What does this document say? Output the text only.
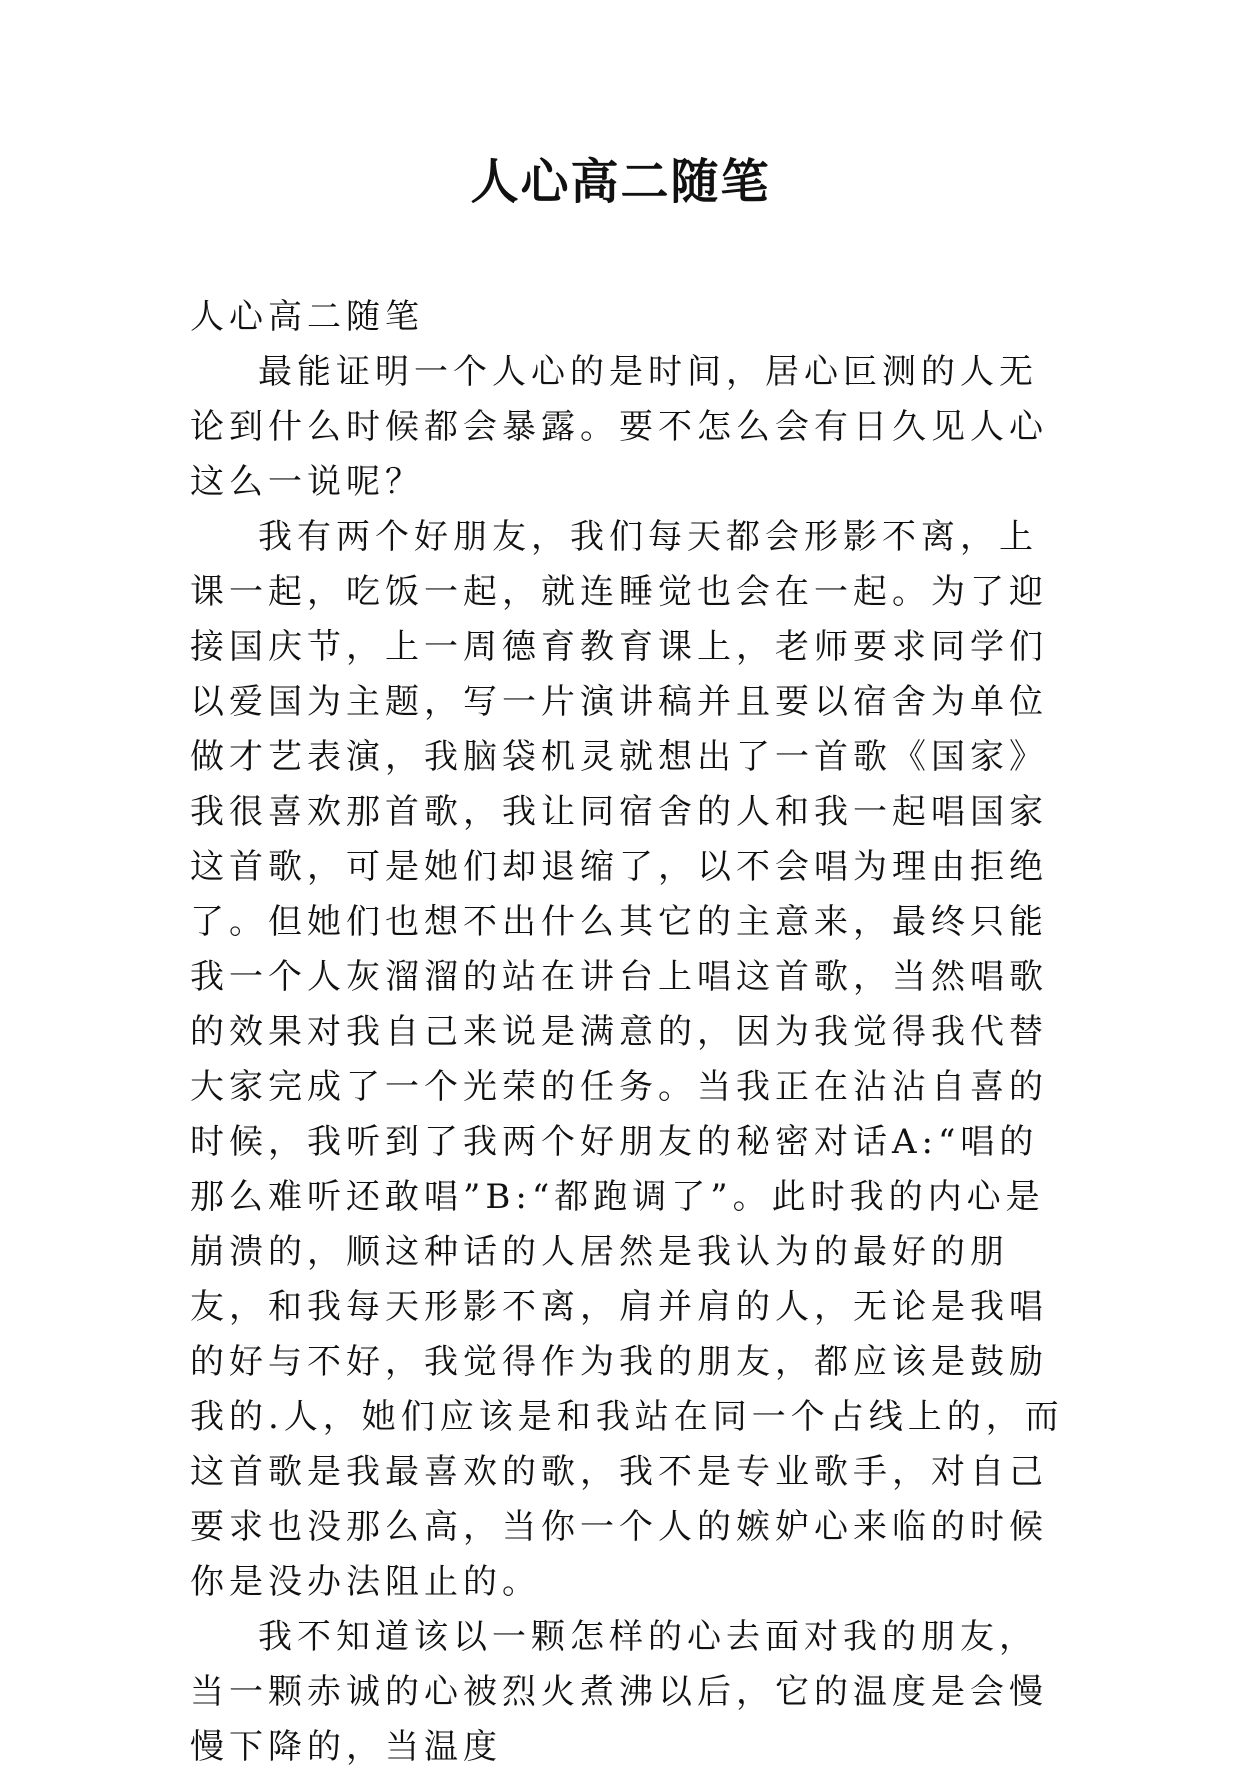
人心高二随笔

人心高二随笔

最能证明一个人心的是时间，居心叵测的人无论到什么时候都会暴露。要不怎么会有日久见人心这么一说呢？

我有两个好朋友，我们每天都会形影不离，上课一起，吃饭一起，就连睡觉也会在一起。为了迎接国庆节，上一周德育教育课上，老师要求同学们以爱国为主题，写一片演讲稿并且要以宿舍为单位做才艺表演，我脑袋机灵就想出了一首歌《国家》我很喜欢那首歌，我让同宿舍的人和我一起唱国家这首歌，可是她们却退缩了，以不会唱为理由拒绝了。但她们也想不出什么其它的主意来，最终只能我一个人灰溜溜的站在讲台上唱这首歌，当然唱歌的效果对我自己来说是满意的，因为我觉得我代替大家完成了一个光荣的任务。当我正在沾沾自喜的时候，我听到了我两个好朋友的秘密对话A:“唱的那么难听还敢唱”B:“都跑调了”。此时我的内心是崩溃的，顺这种话的人居然是我认为的最好的朋友，和我每天形影不离，肩并肩的人，无论是我唱的好与不好，我觉得作为我的朋友，都应该是鼓励我的.人，她们应该是和我站在同一个占线上的，而这首歌是我最喜欢的歌，我不是专业歌手，对自己要求也没那么高，当你一个人的嫉妒心来临的时候你是没办法阻止的。

我不知道该以一颗怎样的心去面对我的朋友，当一颗赤诚的心被烈火煮沸以后，它的温度是会慢慢下降的，当温度
